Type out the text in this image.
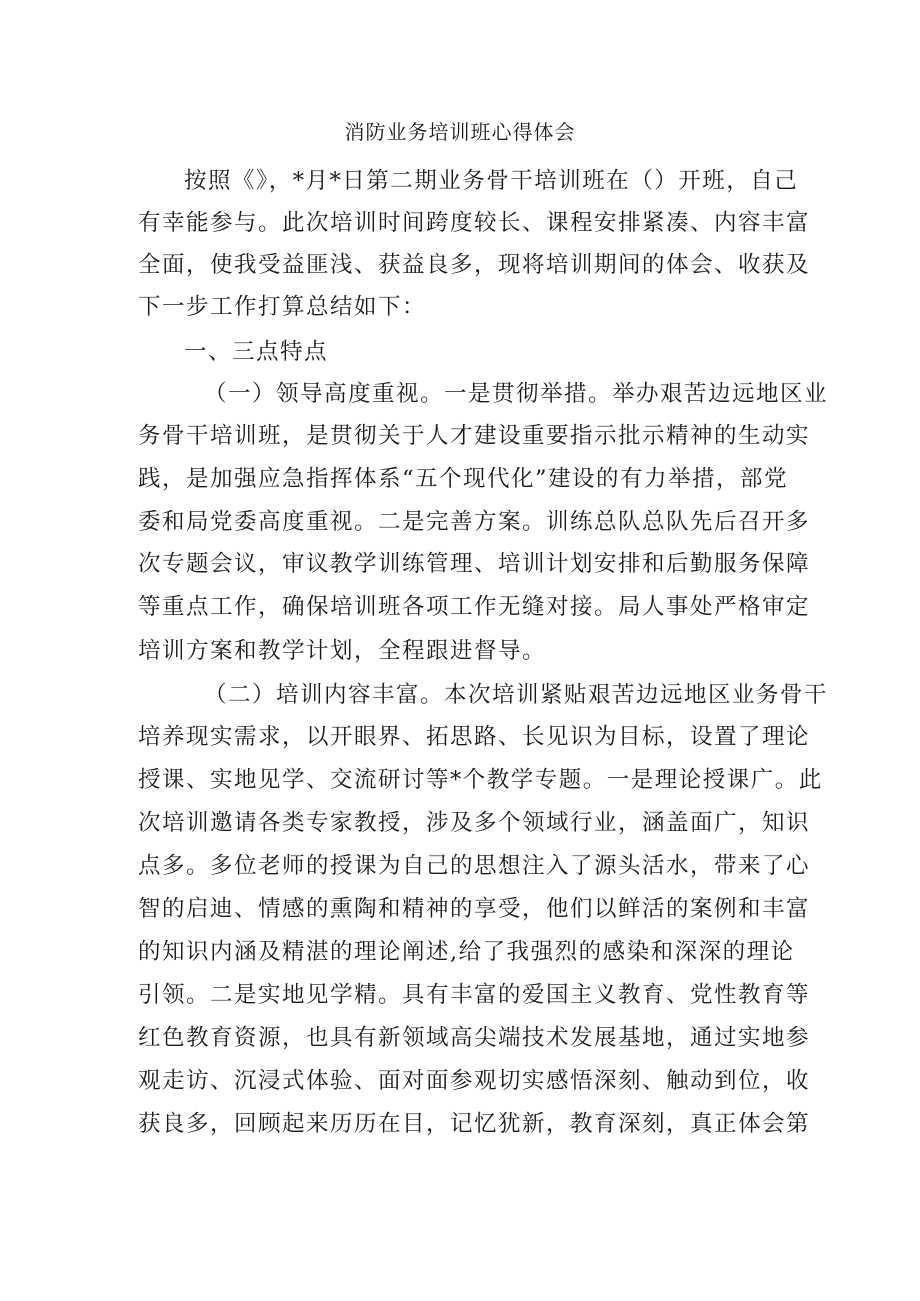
消防业务培训班心得体会
按照《》，*月*日第二期业务骨干培训班在（）开班，自己
有幸能参与。此次培训时间跨度较长、课程安排紧凑、内容丰富
全面，使我受益匪浅、获益良多，现将培训期间的体会、收获及
下一步工作打算总结如下：
一、三点特点
（一）领导高度重视。一是贯彻举措。举办艰苦边远地区业
务骨干培训班，是贯彻关于人才建设重要指示批示精神的生动实
践，是加强应急指挥体系“五个现代化”建设的有力举措，部党
委和局党委高度重视。二是完善方案。训练总队总队先后召开多
次专题会议，审议教学训练管理、培训计划安排和后勤服务保障
等重点工作，确保培训班各项工作无缝对接。局人事处严格审定
培训方案和教学计划，全程跟进督导。
（二）培训内容丰富。本次培训紧贴艰苦边远地区业务骨干
培养现实需求，以开眼界、拓思路、长见识为目标，设置了理论
授课、实地见学、交流研讨等*个教学专题。一是理论授课广。此
次培训邀请各类专家教授，涉及多个领域行业，涵盖面广，知识
点多。多位老师的授课为自己的思想注入了源头活水，带来了心
智的启迪、情感的熏陶和精神的享受，他们以鲜活的案例和丰富
的知识内涵及精湛的理论阐述,给了我强烈的感染和深深的理论
引领。二是实地见学精。具有丰富的爱国主义教育、党性教育等
红色教育资源，也具有新领域高尖端技术发展基地，通过实地参
观走访、沉浸式体验、面对面参观切实感悟深刻、触动到位，收
获良多，回顾起来历历在目，记忆犹新，教育深刻，真正体会第
